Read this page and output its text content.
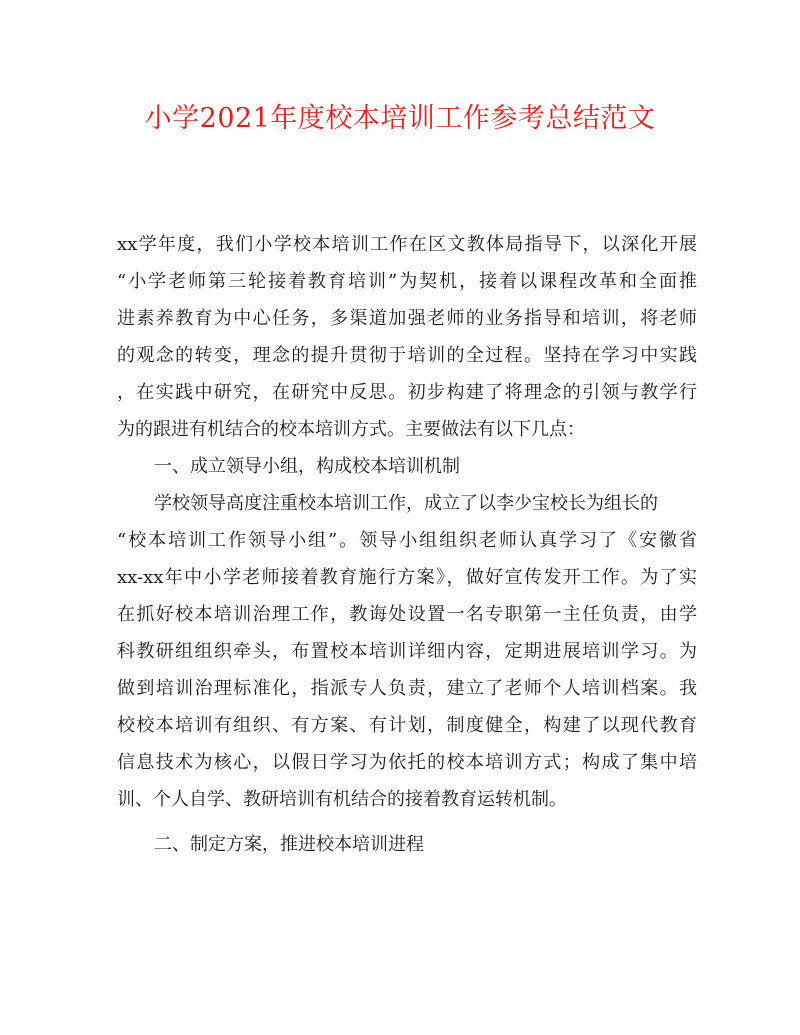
小学2021年度校本培训工作参考总结范文
xx学年度，我们小学校本培训工作在区文教体局指导下，以深化开展
“小学老师第三轮接着教育培训”为契机，接着以课程改革和全面推
进素养教育为中心任务，多渠道加强老师的业务指导和培训，将老师
的观念的转变，理念的提升贯彻于培训的全过程。坚持在学习中实践
，在实践中研究，在研究中反思。初步构建了将理念的引领与教学行
为的跟进有机结合的校本培训方式。主要做法有以下几点：
一、成立领导小组，构成校本培训机制
学校领导高度注重校本培训工作，成立了以李少宝校长为组长的
“校本培训工作领导小组”。领导小组组织老师认真学习了《安徽省
xx-xx年中小学老师接着教育施行方案》，做好宣传发开工作。为了实
在抓好校本培训治理工作，教诲处设置一名专职第一主任负责，由学
科教研组组织牵头，布置校本培训详细内容，定期进展培训学习。为
做到培训治理标准化，指派专人负责，建立了老师个人培训档案。我
校校本培训有组织、有方案、有计划，制度健全，构建了以现代教育
信息技术为核心，以假日学习为依托的校本培训方式；构成了集中培
训、个人自学、教研培训有机结合的接着教育运转机制。
二、制定方案，推进校本培训进程
